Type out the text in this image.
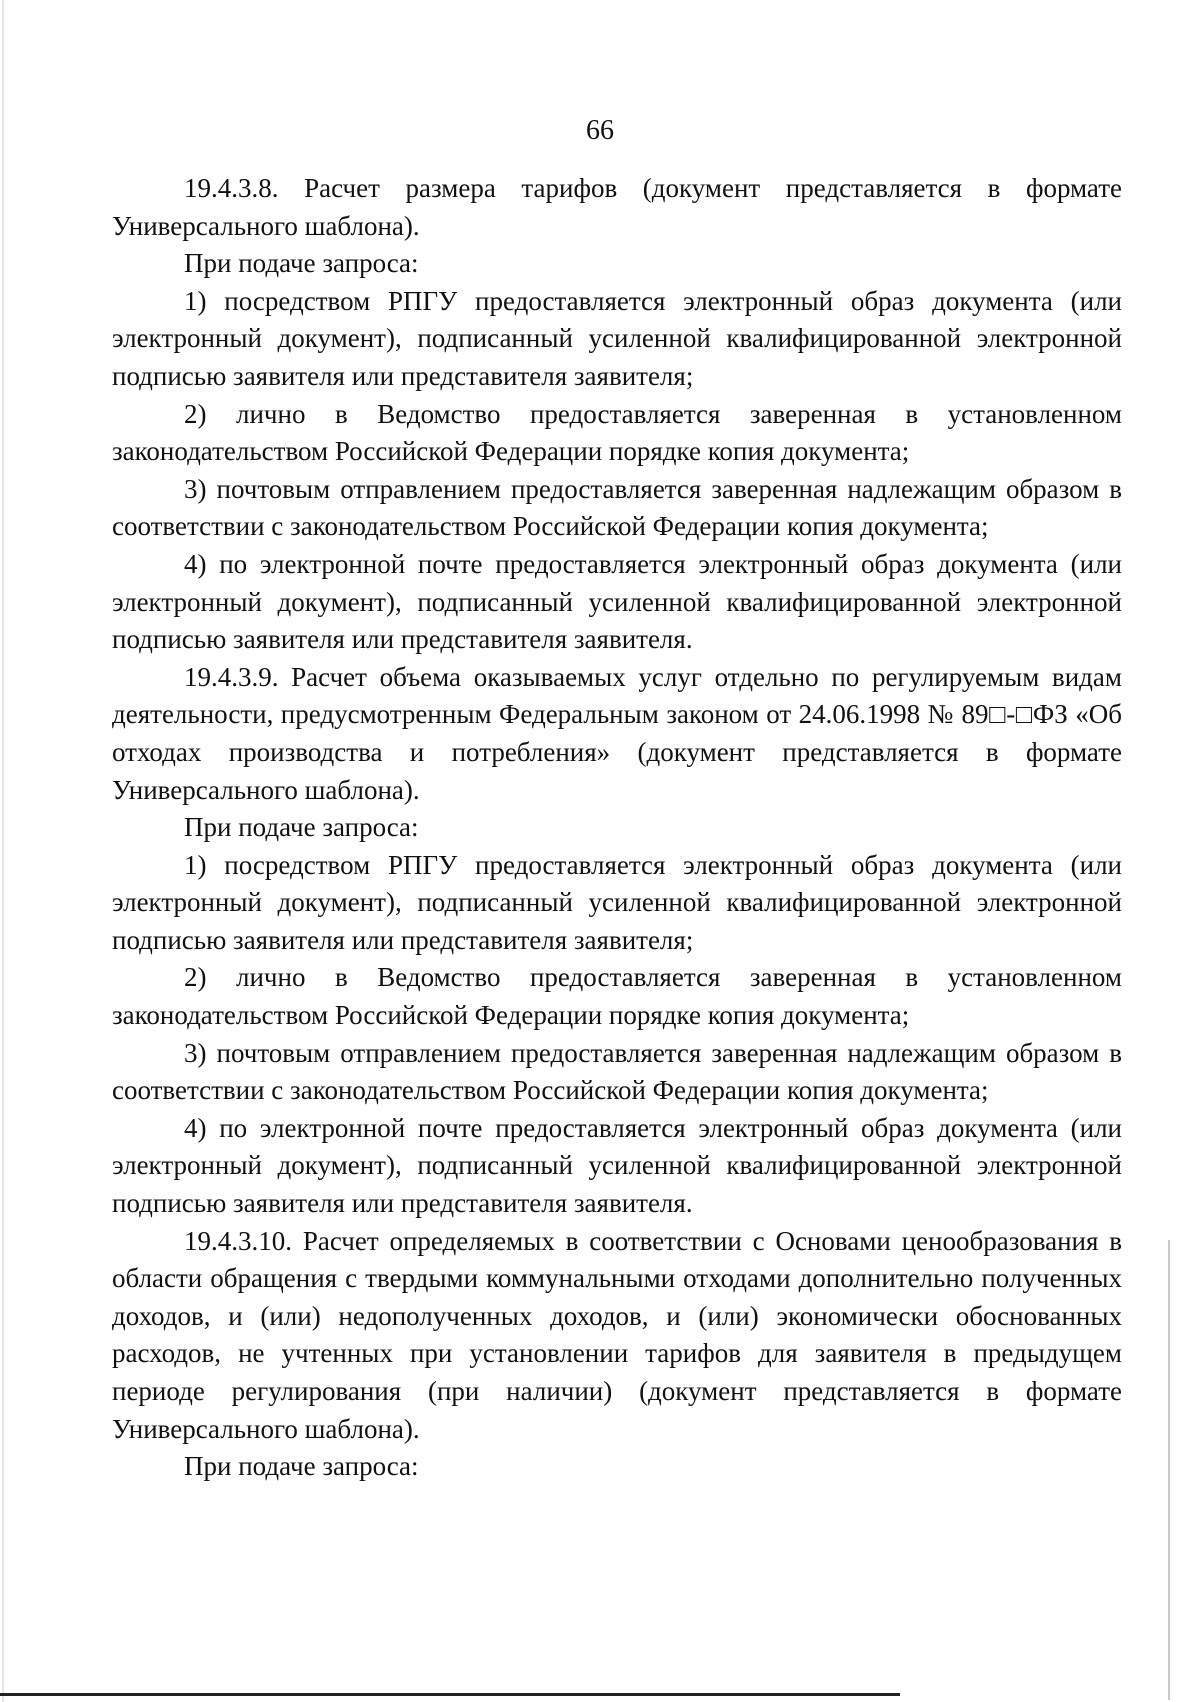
66

19.4.3.8. Расчет размера тарифов (документ представляется в формате Универсального шаблона).

При подаче запроса:

1) посредством РПГУ предоставляется электронный образ документа (или электронный документ), подписанный усиленной квалифицированной электронной подписью заявителя или представителя заявителя;

2) лично в Ведомство предоставляется заверенная в установленном законодательством Российской Федерации порядке копия документа;

3) почтовым отправлением предоставляется заверенная надлежащим образом в соответствии с законодательством Российской Федерации копия документа;

4) по электронной почте предоставляется электронный образ документа (или электронный документ), подписанный усиленной квалифицированной электронной подписью заявителя или представителя заявителя.

19.4.3.9. Расчет объема оказываемых услуг отдельно по регулируемым видам деятельности, предусмотренным Федеральным законом от 24.06.1998 № 89□-□ФЗ «Об отходах производства и потребления» (документ представляется в формате Универсального шаблона).

При подаче запроса:

1) посредством РПГУ предоставляется электронный образ документа (или электронный документ), подписанный усиленной квалифицированной электронной подписью заявителя или представителя заявителя;

2) лично в Ведомство предоставляется заверенная в установленном законодательством Российской Федерации порядке копия документа;

3) почтовым отправлением предоставляется заверенная надлежащим образом в соответствии с законодательством Российской Федерации копия документа;

4) по электронной почте предоставляется электронный образ документа (или электронный документ), подписанный усиленной квалифицированной электронной подписью заявителя или представителя заявителя.

19.4.3.10. Расчет определяемых в соответствии с Основами ценообразования в области обращения с твердыми коммунальными отходами дополнительно полученных доходов, и (или) недополученных доходов, и (или) экономически обоснованных расходов, не учтенных при установлении тарифов для заявителя в предыдущем периоде регулирования (при наличии) (документ представляется в формате Универсального шаблона).

При подаче запроса:
